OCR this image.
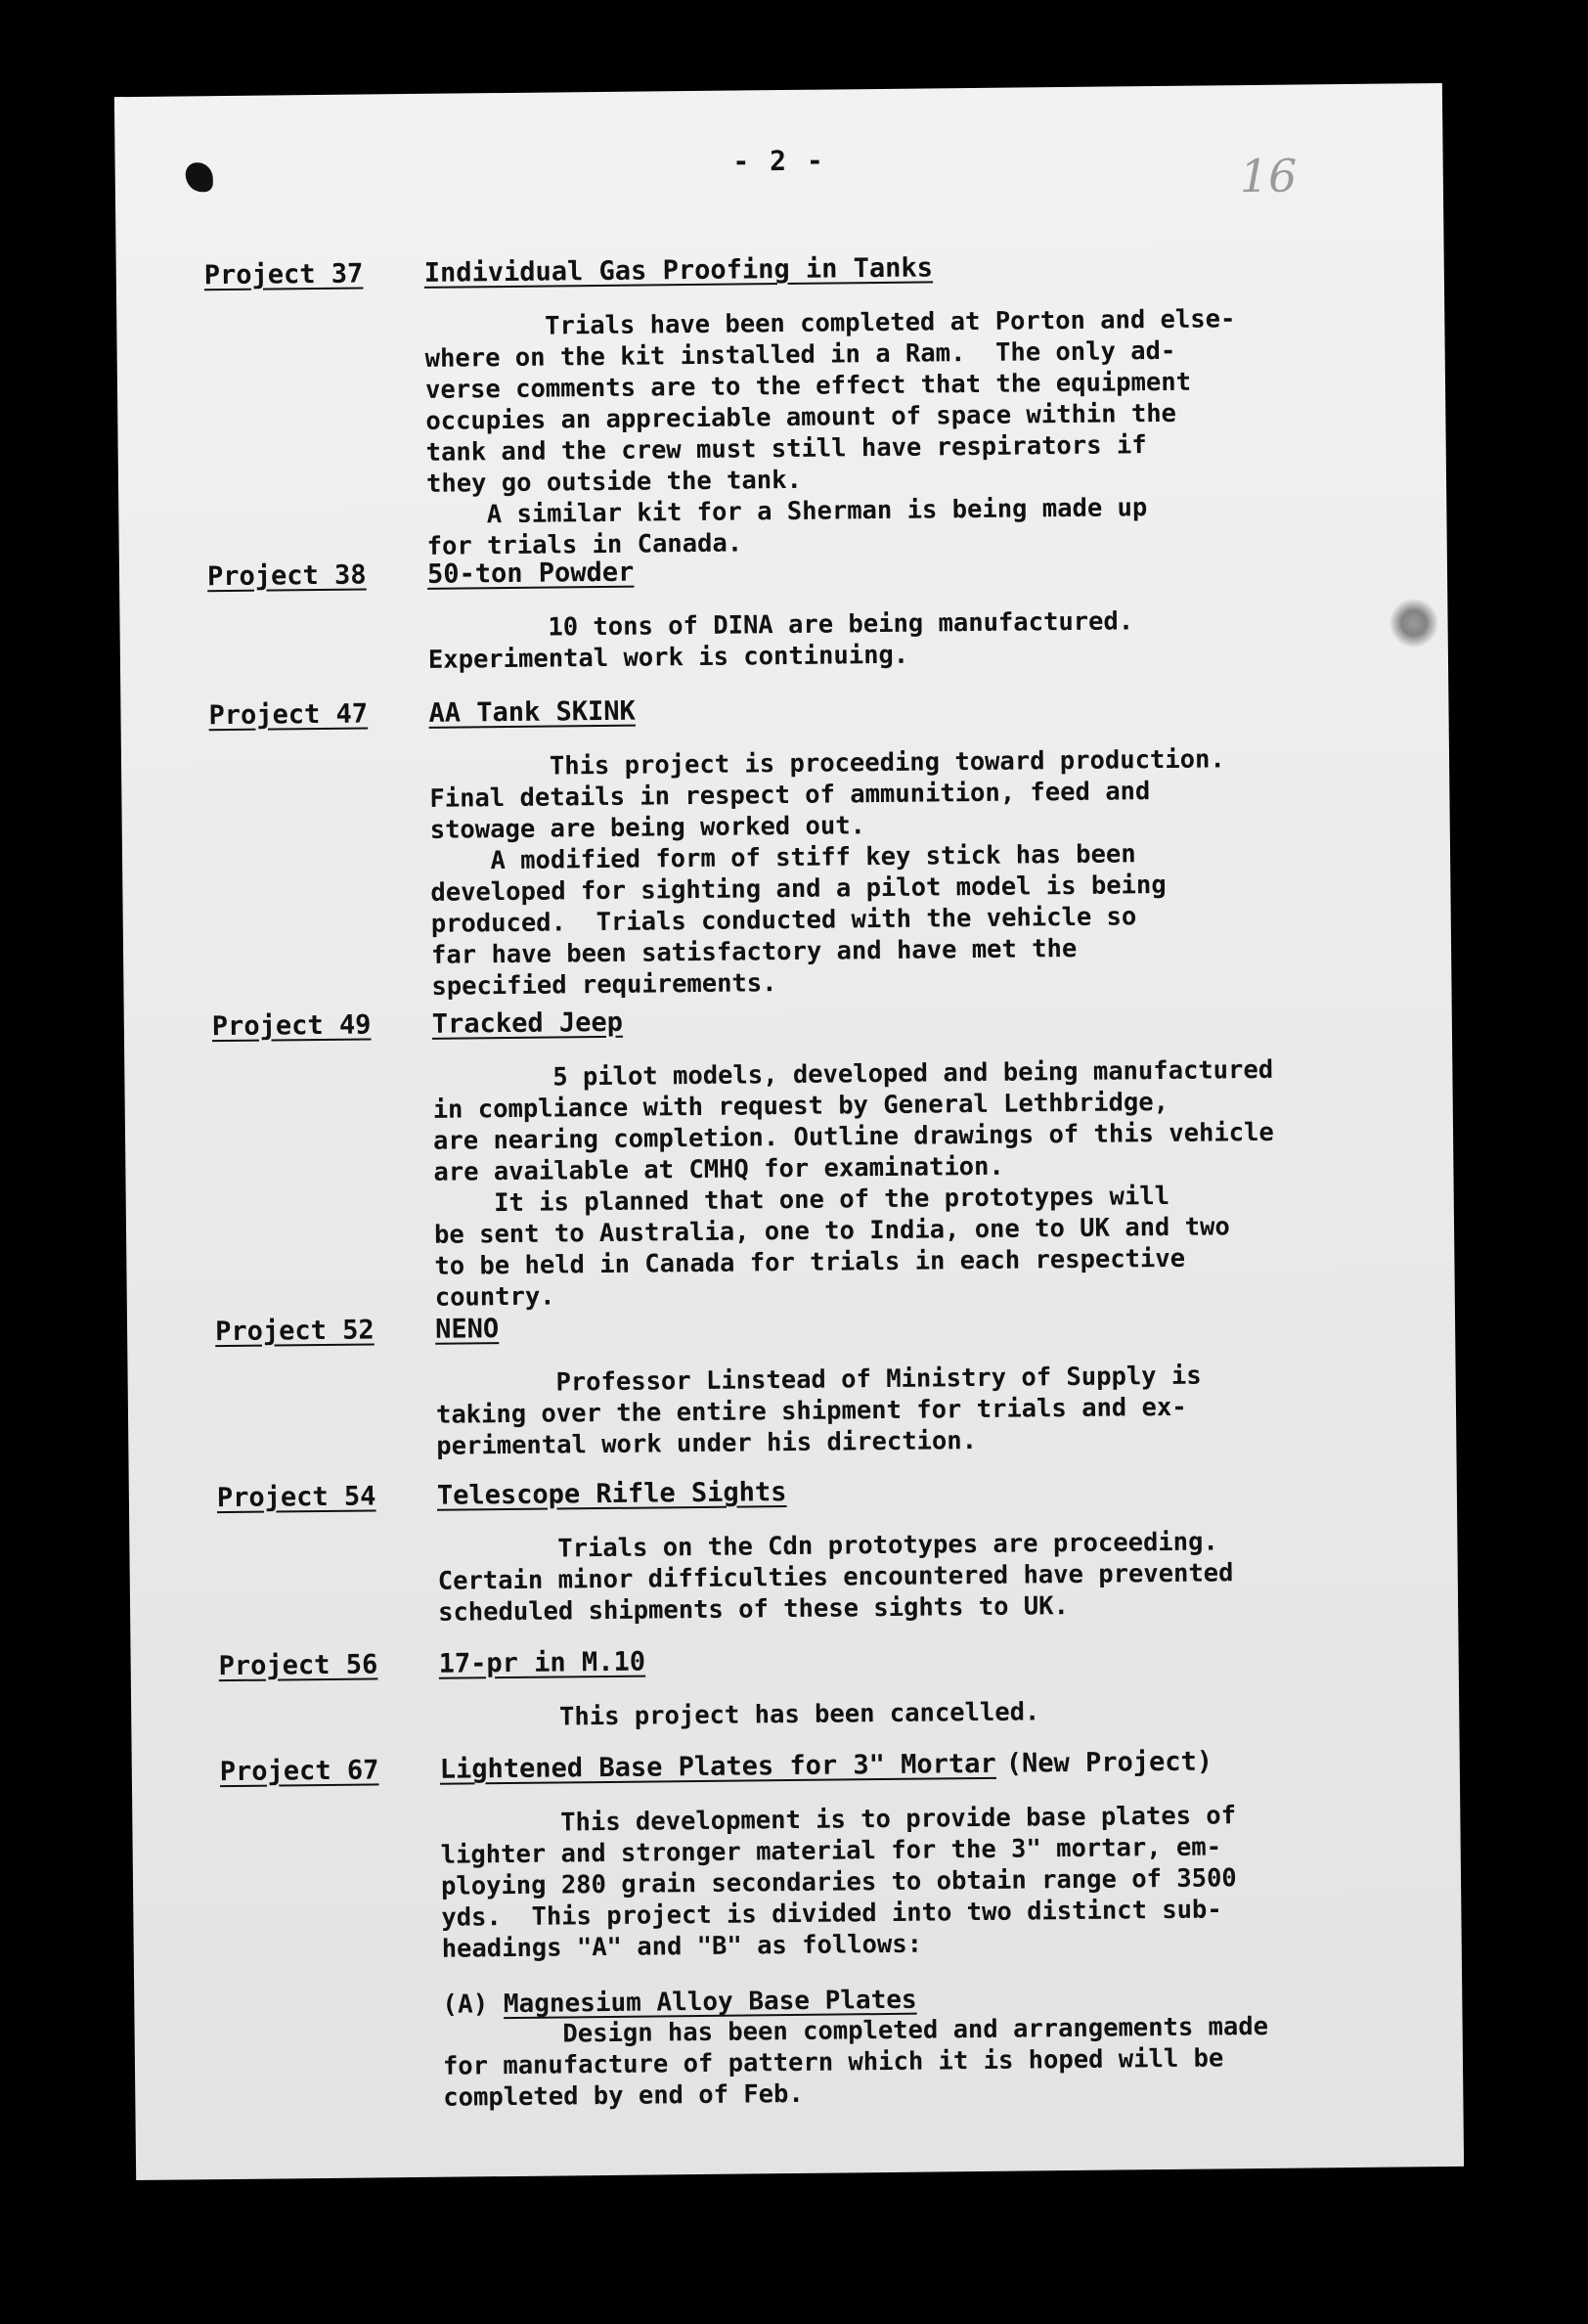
- 2 -	16
Project 37 Individual Gas Proofing in Tanks

Trials have been completed at Porton and else-
where on the kit installed in a Ram.  The only ad-
verse comments are to the effect that the equipment
occupies an appreciable amount of space within the
tank and the crew must still have respirators if
they go outside the tank.

A similar kit for a Sherman is being made up
for trials in Canada.

Project 38 50-ton Powder

10 tons of DINA are being manufactured.
Experimental work is continuing.

Project 47 AA Tank SKINK

This project is proceeding toward production.
Final details in respect of ammunition, feed and
stowage are being worked out.

A modified form of stiff key stick has been
developed for sighting and a pilot model is being
produced.  Trials conducted with the vehicle so
far have been satisfactory and have met the
specified requirements.

Project 49 Tracked Jeep

5 pilot models, developed and being manufactured
in compliance with request by General Lethbridge,
are nearing completion. Outline drawings of this vehicle
are available at CMHQ for examination.

It is planned that one of the prototypes will
be sent to Australia, one to India, one to UK and two
to be held in Canada for trials in each respective
country.

Project 52 NENO

Professor Linstead of Ministry of Supply is
taking over the entire shipment for trials and ex-
perimental work under his direction.

Project 54 Telescope Rifle Sights

Trials on the Cdn prototypes are proceeding.
Certain minor difficulties encountered have prevented
scheduled shipments of these sights to UK.

Project 56 17-pr in M.10

This project has been cancelled.

Project 67 Lightened Base Plates for 3" Mortar (New Project)

This development is to provide base plates of
lighter and stronger material for the 3" mortar, em-
ploying 280 grain secondaries to obtain range of 3500
yds.  This project is divided into two distinct sub-
headings "A" and "B" as follows:

(A) Magnesium Alloy Base Plates

Design has been completed and arrangements made
for manufacture of pattern which it is hoped will be
completed by end of Feb.
